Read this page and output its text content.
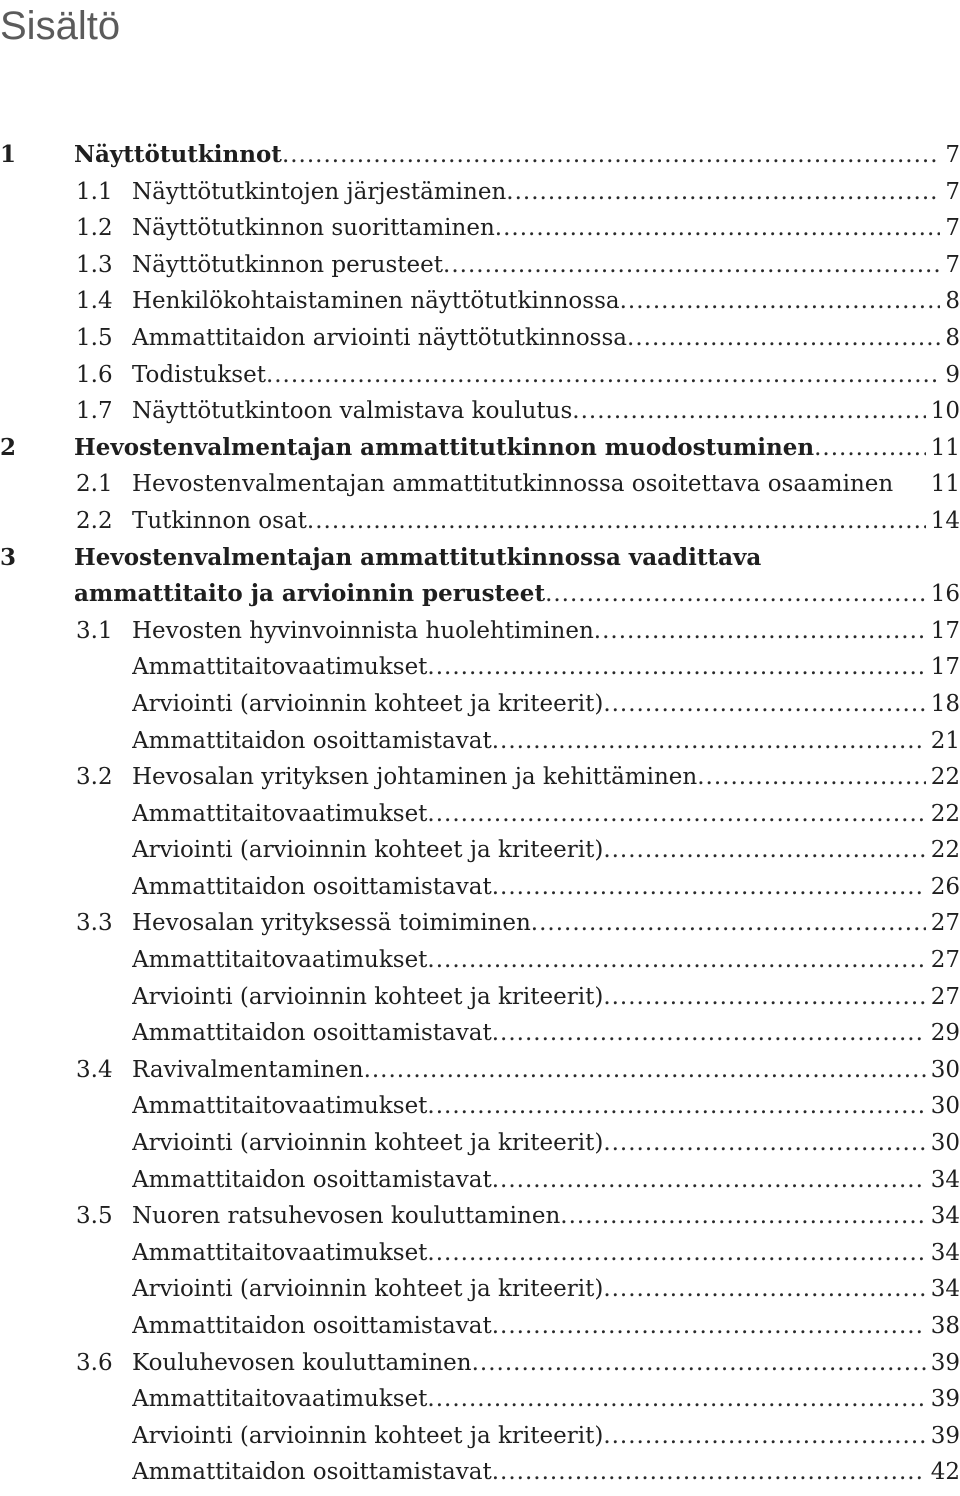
Sisältö
1	Näyttötutkinnot .....	7
1.1 Näyttötutkintojen järjestäminen .....	7
1.2 Näyttötutkinnon suorittaminen .....	7
1.3 Näyttötutkinnon perusteet .....	7
1.4 Henkilökohtaistaminen näyttötutkinnossa .....	8
1.5 Ammattitaidon arviointi näyttötutkinnossa .....	8
1.6 Todistukset .....	9
1.7 Näyttötutkintoon valmistava koulutus .....	10
2	Hevostenvalmentajan ammattitutkinnon muodostuminen .....	11
2.1 Hevostenvalmentajan ammattitutkinnossa osoitettava osaaminen 11
2.2 Tutkinnon osat .....	14
3	Hevostenvalmentajan ammattitutkinnossa vaadittava
ammattitaito ja arvioinnin perusteet .....	16
3.1 Hevosten hyvinvoinnista huolehtiminen .....	17
Ammattitaitovaatimukset .....	17
Arviointi (arvioinnin kohteet ja kriteerit) .....	18
Ammattitaidon osoittamistavat .....	21
3.2 Hevosalan yrityksen johtaminen ja kehittäminen .....	22
Ammattitaitovaatimukset .....	22
Arviointi (arvioinnin kohteet ja kriteerit) .....	22
Ammattitaidon osoittamistavat .....	26
3.3 Hevosalan yrityksessä toimiminen .....	27
Ammattitaitovaatimukset .....	27
Arviointi (arvioinnin kohteet ja kriteerit) .....	27
Ammattitaidon osoittamistavat .....	29
3.4 Ravivalmentaminen .....	30
Ammattitaitovaatimukset .....	30
Arviointi (arvioinnin kohteet ja kriteerit) .....	30
Ammattitaidon osoittamistavat .....	34
3.5 Nuoren ratsuhevosen kouluttaminen .....	34
Ammattitaitovaatimukset .....	34
Arviointi (arvioinnin kohteet ja kriteerit) .....	34
Ammattitaidon osoittamistavat .....	38
3.6 Kouluhevosen kouluttaminen .....	39
Ammattitaitovaatimukset .....	39
Arviointi (arvioinnin kohteet ja kriteerit) .....	39
Ammattitaidon osoittamistavat .....	42
